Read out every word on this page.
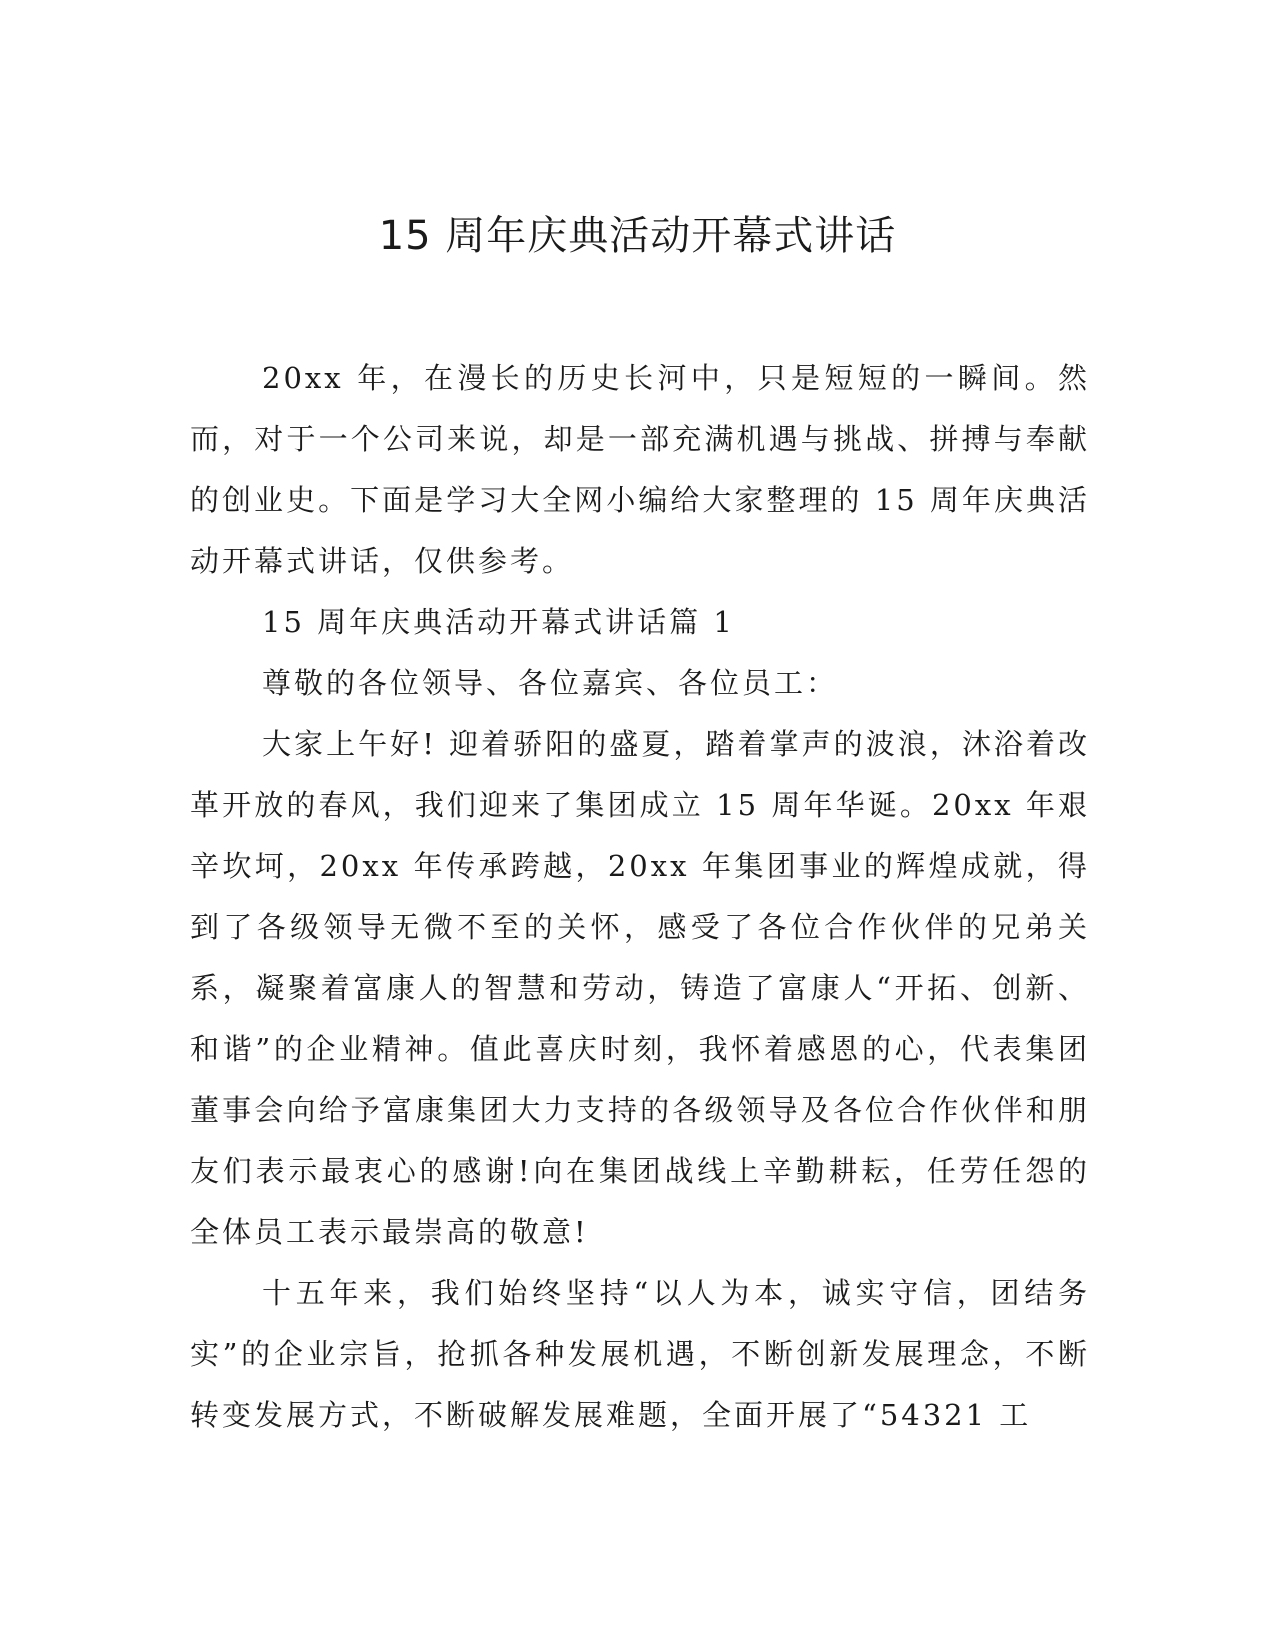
15 周年庆典活动开幕式讲话

20xx 年，在漫长的历史长河中，只是短短的一瞬间。然而，对于一个公司来说，却是一部充满机遇与挑战、拼搏与奉献的创业史。下面是学习大全网小编给大家整理的 15 周年庆典活动开幕式讲话，仅供参考。

15 周年庆典活动开幕式讲话篇 1

尊敬的各位领导、各位嘉宾、各位员工：

大家上午好! 迎着骄阳的盛夏，踏着掌声的波浪，沐浴着改革开放的春风，我们迎来了集团成立 15 周年华诞。20xx 年艰辛坎坷，20xx 年传承跨越，20xx 年集团事业的辉煌成就，得到了各级领导无微不至的关怀，感受了各位合作伙伴的兄弟关系，凝聚着富康人的智慧和劳动，铸造了富康人“开拓、创新、和谐”的企业精神。值此喜庆时刻，我怀着感恩的心，代表集团董事会向给予富康集团大力支持的各级领导及各位合作伙伴和朋友们表示最衷心的感谢!向在集团战线上辛勤耕耘，任劳任怨的全体员工表示最崇高的敬意!

十五年来，我们始终坚持“以人为本，诚实守信，团结务实”的企业宗旨，抢抓各种发展机遇，不断创新发展理念，不断转变发展方式，不断破解发展难题，全面开展了“54321 工
